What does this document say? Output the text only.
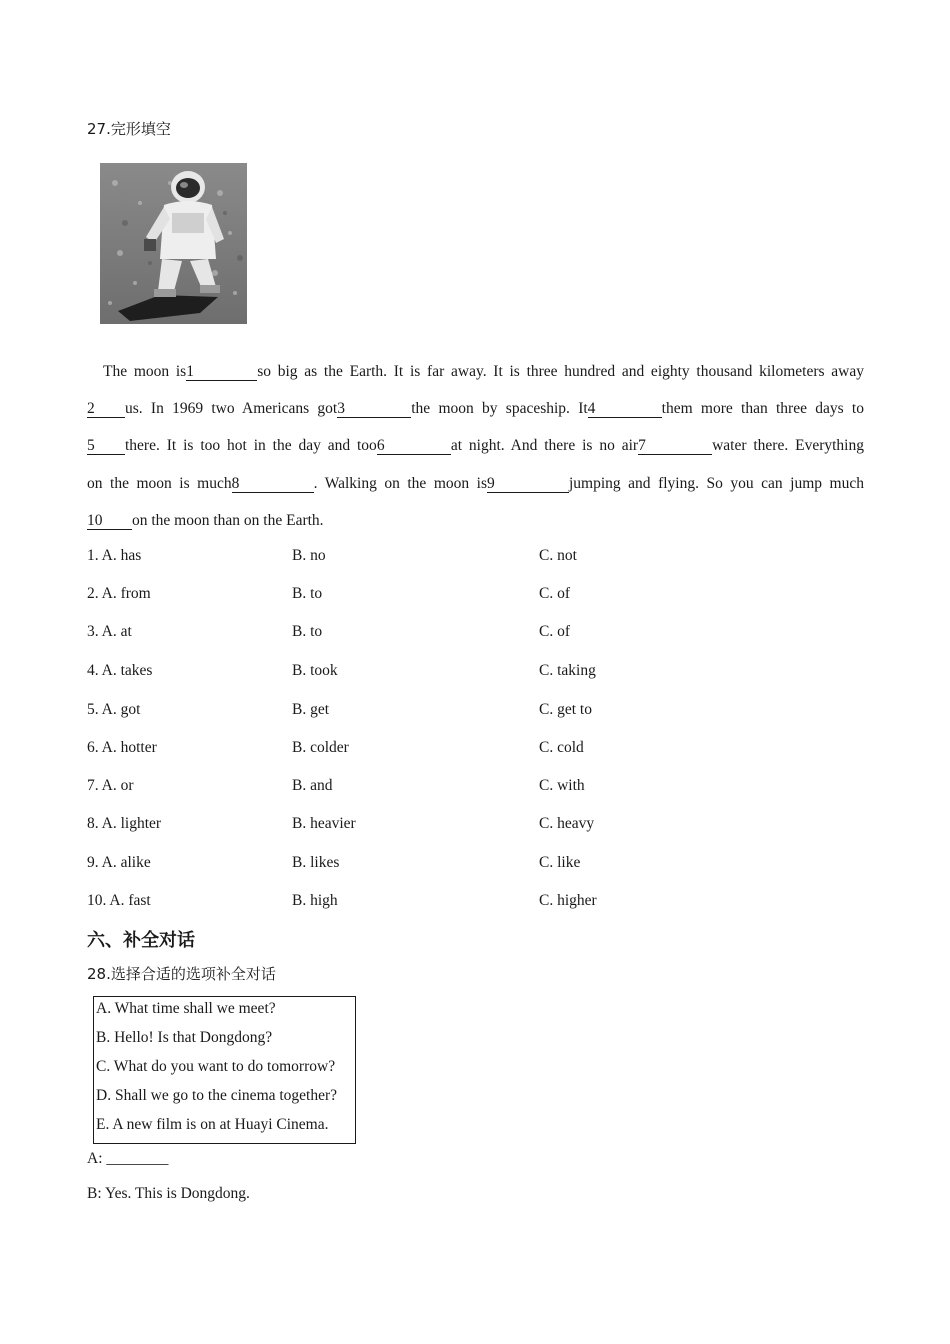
27.完形填空
The moon is1	so big as the Earth. It is far away. It is three hundred and eighty thousand kilometers away
2 us. In 1969 two Americans got3	the moon by spaceship. It4	them more than three days to
5 there. It is too hot in the day and too6	at night. And there is no air7	water there. Everything
on the moon is much8	. Walking on the moon is9	jumping and flying. So you can jump much
10 on the moon than on the Earth.
1. A. has	B. no	C. not
2. A. from	B. to	C. of
3. A. at	B. to	C. of
4. A. takes	B. took	C. taking
5. A. got	B. get	C. get to
6. A. hotter	B. colder	C. cold
7. A. or	B. and	C. with
8. A. lighter	B. heavier	C. heavy
9. A. alike	B. likes	C. like
10. A. fast	B. high	C. higher
六、补全对话
28.选择合适的选项补全对话
A. What time shall we meet?
B. Hello! Is that Dongdong?
C. What do you want to do tomorrow?
D. Shall we go to the cinema together?
E. A new film is on at Huayi Cinema.
A: ________
B: Yes. This is Dongdong.
